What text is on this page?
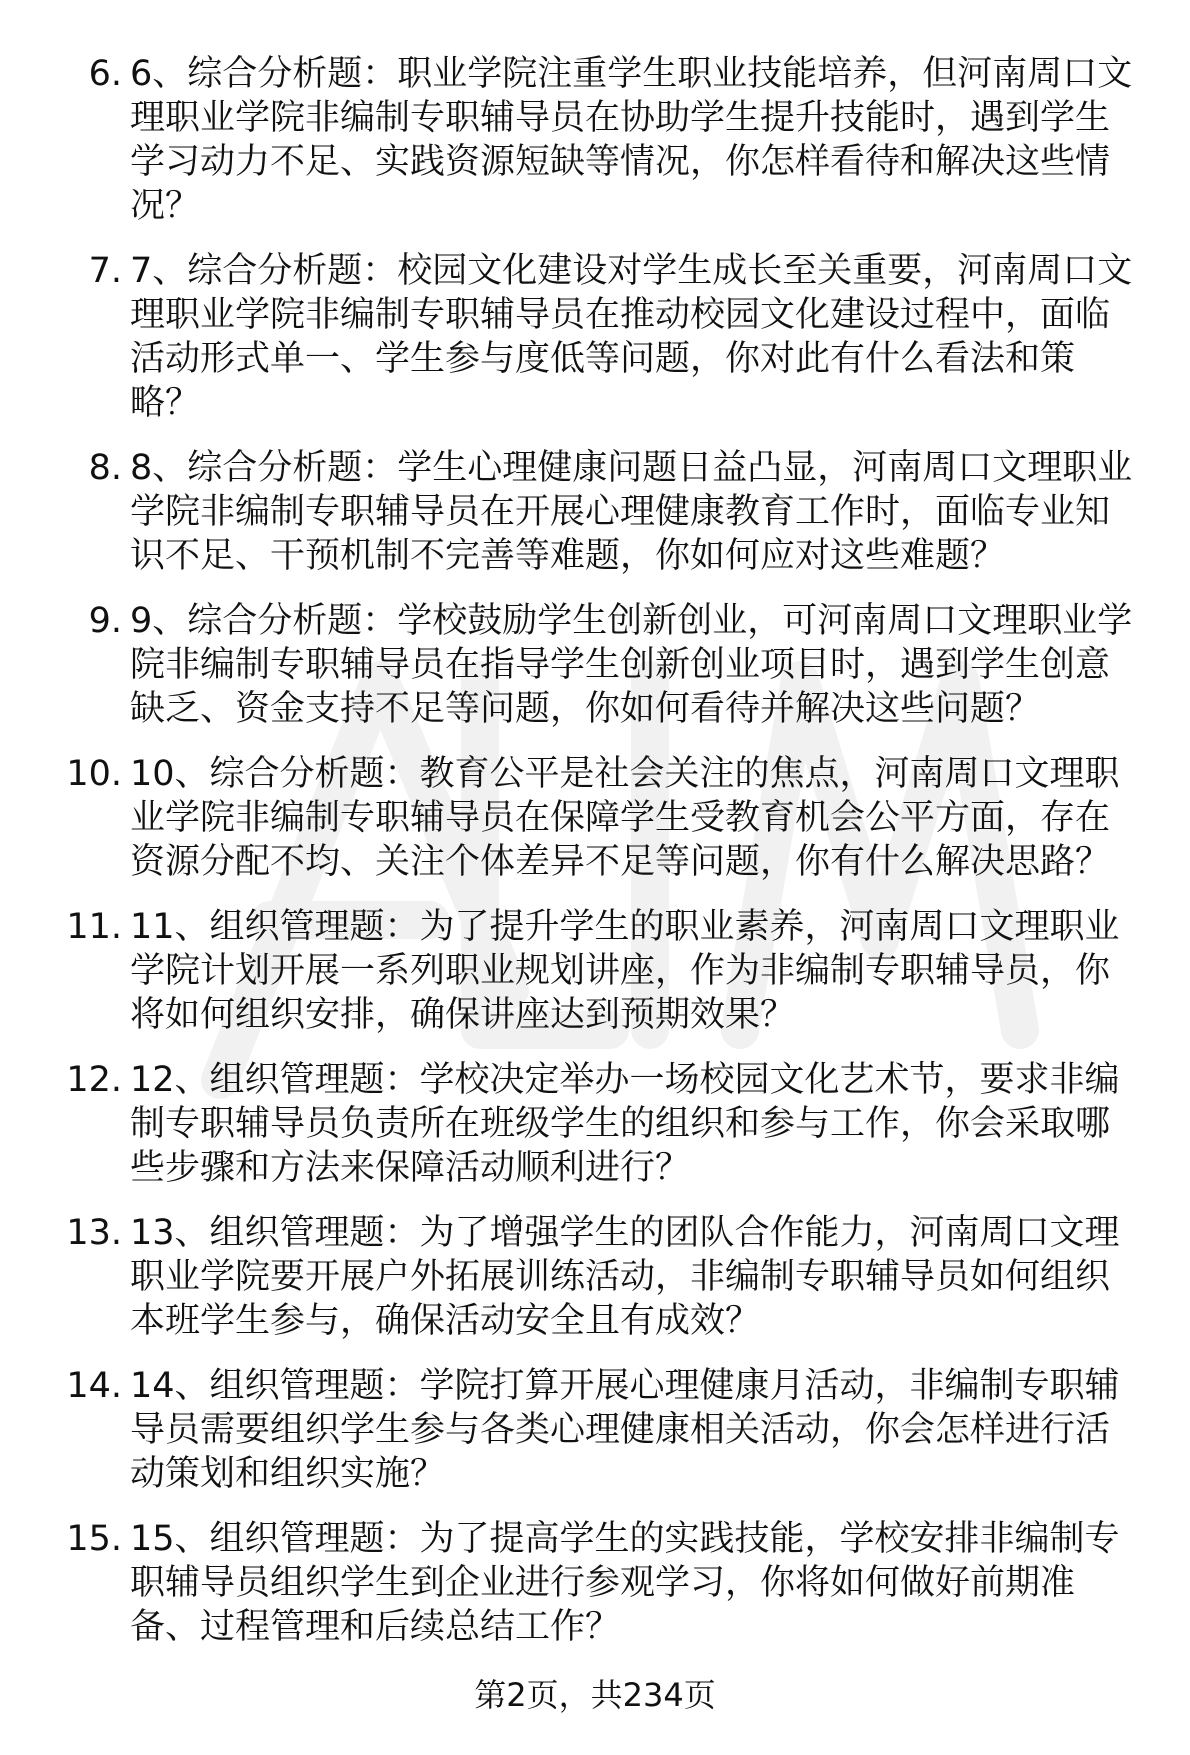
6. 6、综合分析题：职业学院注重学生职业技能培养，但河南周口文理职业学院非编制专职辅导员在协助学生提升技能时，遇到学生学习动力不足、实践资源短缺等情况，你怎样看待和解决这些情况？
7. 7、综合分析题：校园文化建设对学生成长至关重要，河南周口文理职业学院非编制专职辅导员在推动校园文化建设过程中，面临活动形式单一、学生参与度低等问题，你对此有什么看法和策略？
8. 8、综合分析题：学生心理健康问题日益凸显，河南周口文理职业学院非编制专职辅导员在开展心理健康教育工作时，面临专业知识不足、干预机制不完善等难题，你如何应对这些难题？
9. 9、综合分析题：学校鼓励学生创新创业，可河南周口文理职业学院非编制专职辅导员在指导学生创新创业项目时，遇到学生创意缺乏、资金支持不足等问题，你如何看待并解决这些问题？
10. 10、综合分析题：教育公平是社会关注的焦点，河南周口文理职业学院非编制专职辅导员在保障学生受教育机会公平方面，存在资源分配不均、关注个体差异不足等问题，你有什么解决思路？
11. 11、组织管理题：为了提升学生的职业素养，河南周口文理职业学院计划开展一系列职业规划讲座，作为非编制专职辅导员，你将如何组织安排，确保讲座达到预期效果？
12. 12、组织管理题：学校决定举办一场校园文化艺术节，要求非编制专职辅导员负责所在班级学生的组织和参与工作，你会采取哪些步骤和方法来保障活动顺利进行？
13. 13、组织管理题：为了增强学生的团队合作能力，河南周口文理职业学院要开展户外拓展训练活动，非编制专职辅导员如何组织本班学生参与，确保活动安全且有成效？
14. 14、组织管理题：学院打算开展心理健康月活动，非编制专职辅导员需要组织学生参与各类心理健康相关活动，你会怎样进行活动策划和组织实施？
15. 15、组织管理题：为了提高学生的实践技能，学校安排非编制专职辅导员组织学生到企业进行参观学习，你将如何做好前期准备、过程管理和后续总结工作？
第2页，共234页
